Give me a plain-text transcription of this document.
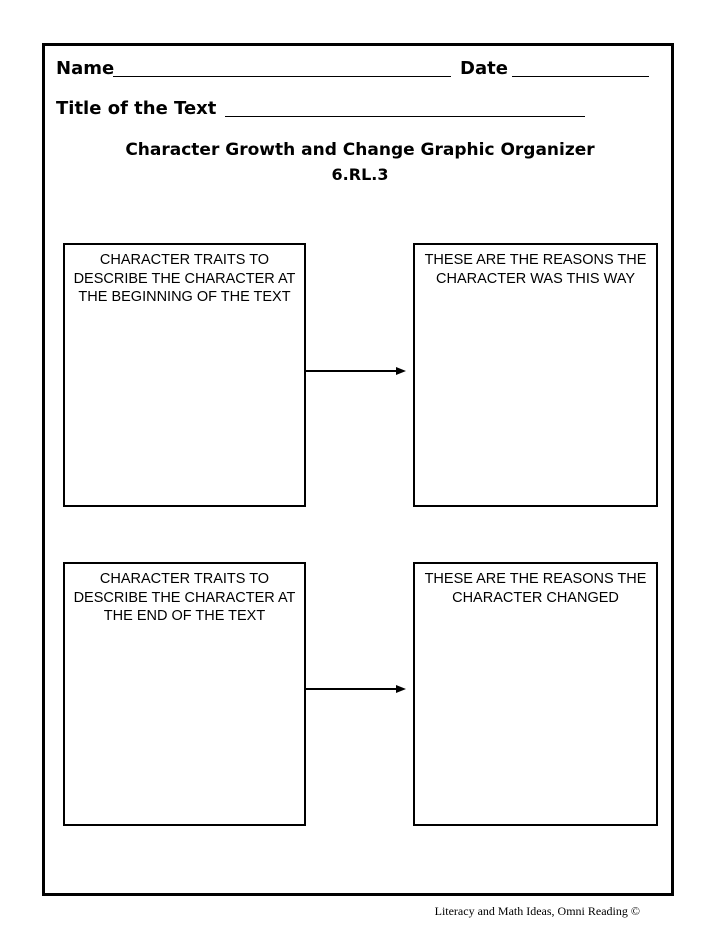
Name	Date
Title of the Text
Character Growth and Change Graphic Organizer
6.RL.3
CHARACTER TRAITS TO DESCRIBE THE CHARACTER AT THE BEGINNING OF THE TEXT
THESE ARE THE REASONS THE CHARACTER WAS THIS WAY
CHARACTER TRAITS TO DESCRIBE THE CHARACTER AT THE END OF THE TEXT
THESE ARE THE REASONS THE CHARACTER CHANGED
Literacy and Math Ideas, Omni Reading ©
